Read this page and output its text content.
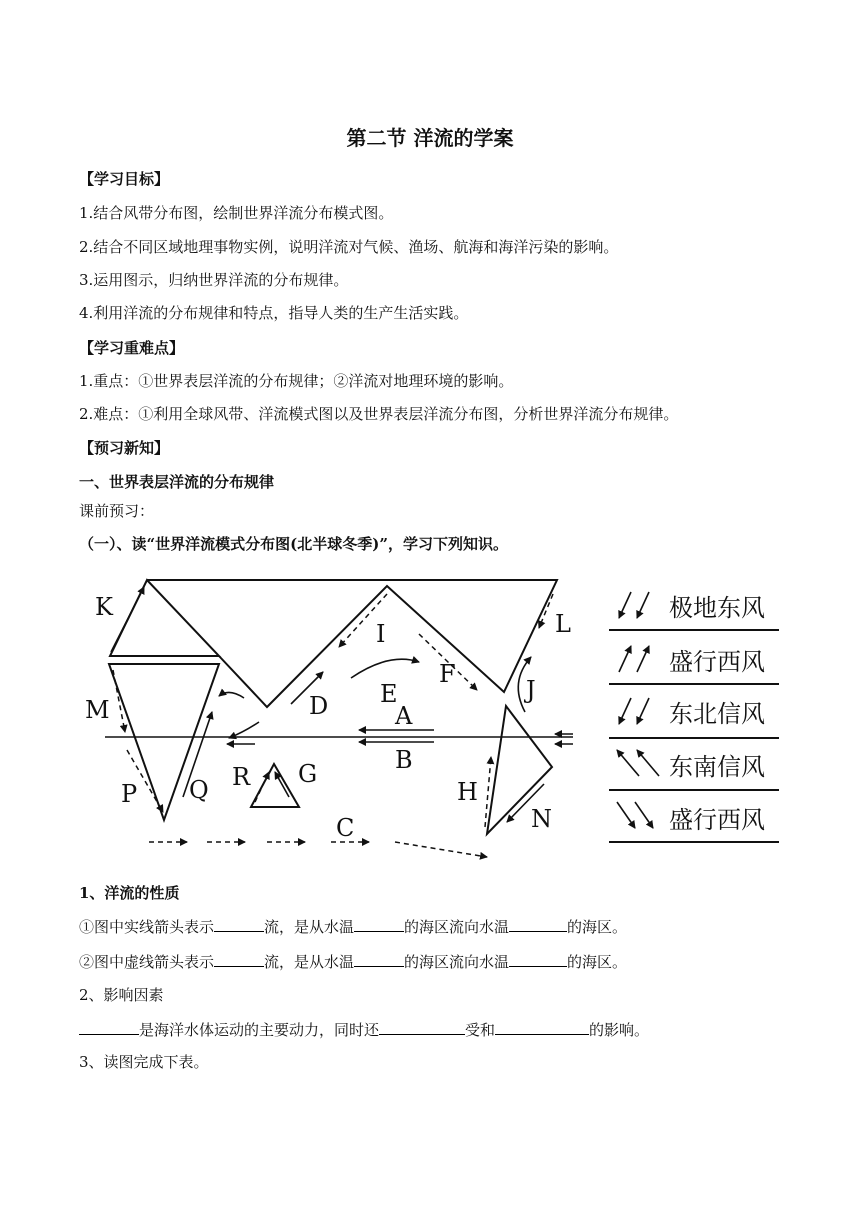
第二节 洋流的学案
【学习目标】
1.结合风带分布图，绘制世界洋流分布模式图。
2.结合不同区域地理事物实例，说明洋流对气候、渔场、航海和海洋污染的影响。
3.运用图示，归纳世界洋流的分布规律。
4.利用洋流的分布规律和特点，指导人类的生产生活实践。
【学习重难点】
1.重点：①世界表层洋流的分布规律；②洋流对地理环境的影响。
2.难点：①利用全球风带、洋流模式图以及世界表层洋流分布图，分析世界洋流分布规律。
【预习新知】
一、世界表层洋流的分布规律
课前预习：
（一）、读“世界洋流模式分布图(北半球冬季)”，学习下列知识。
K
I	L
M	D E
F
J
A
B
P Q R G
H
C	N
极地东风
盛行西风
东北信风
东南信风
盛行西风
1、洋流的性质
①图中实线箭头表示	流，是从水温	的海区流向水温	的海区。
②图中虚线箭头表示	流，是从水温	的海区流向水温	的海区。
2、影响因素
是海洋水体运动的主要动力，同时还	受和	的影响。
3、读图完成下表。
